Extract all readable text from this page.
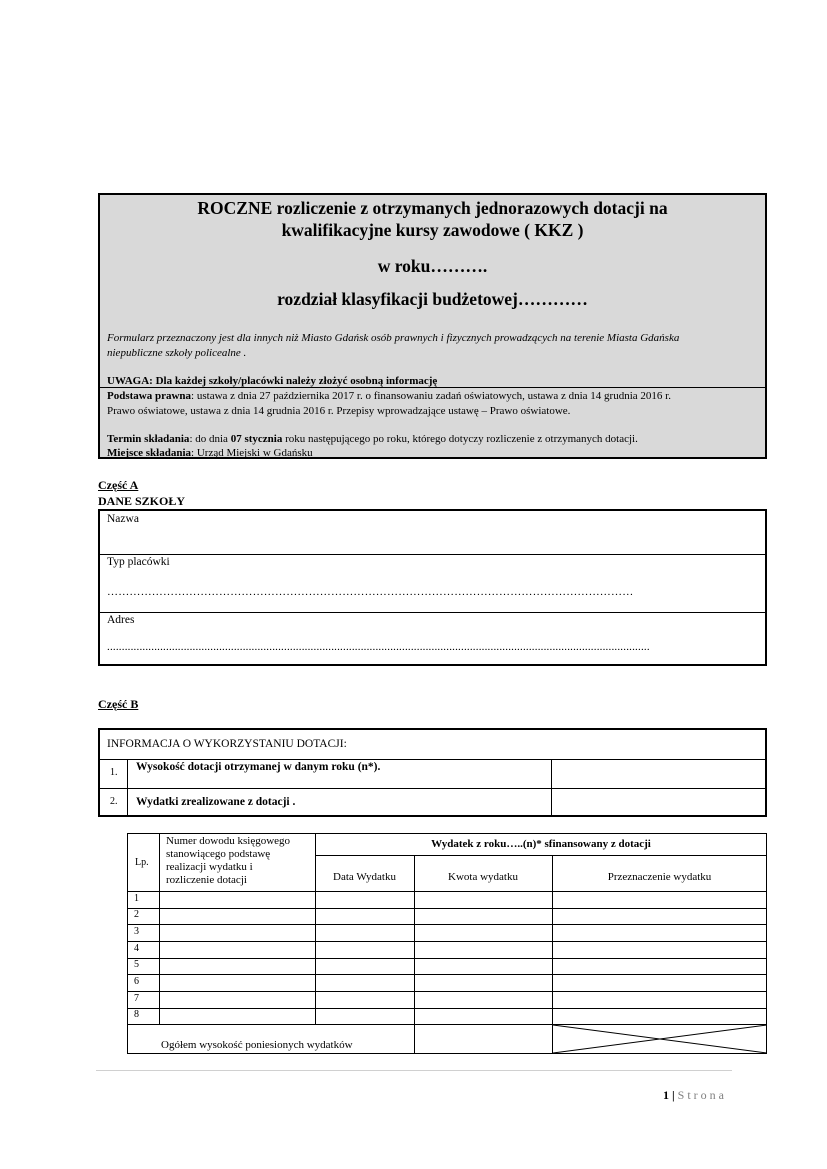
ROCZNE rozliczenie z otrzymanych jednorazowych dotacji na
kwalifikacyjne kursy zawodowe ( KKZ )
w roku……….
rozdział klasyfikacji budżetowej…………
Formularz przeznaczony jest dla innych niż Miasto Gdańsk osób prawnych i fizycznych prowadzących na terenie Miasta Gdańska
niepubliczne szkoły policealne .
UWAGA: Dla każdej szkoły/placówki należy złożyć osobną informację
Podstawa prawna: ustawa z dnia 27 października 2017 r. o finansowaniu zadań oświatowych, ustawa z dnia 14 grudnia 2016 r.
Prawo oświatowe, ustawa z dnia 14 grudnia 2016 r. Przepisy wprowadzające ustawę – Prawo oświatowe.
Termin składania: do dnia 07 stycznia roku następującego po roku, którego dotyczy rozliczenie z otrzymanych dotacji.
Miejsce składania: Urząd Miejski w Gdańsku
Część A
DANE SZKOŁY
Nazwa
Typ placówki
……………………………………………………………………………………………………………………………
Adres
........................................................................................................................................................................................
Część B
INFORMACJA O WYKORZYSTANIU DOTACJI:
1. Wysokość dotacji otrzymanej w danym roku (n*).
2. Wydatki zrealizowane z dotacji .
Lp.
Numer dowodu księgowego
stanowiącego podstawę
realizacji wydatku i
rozliczenie dotacji
Wydatek z roku…..(n)* sfinansowany z dotacji
Data Wydatku	Kwota wydatku	Przeznaczenie wydatku
1
2
3
4
5
6
7
8
Ogółem wysokość poniesionych wydatków
1 | S t r o n a
